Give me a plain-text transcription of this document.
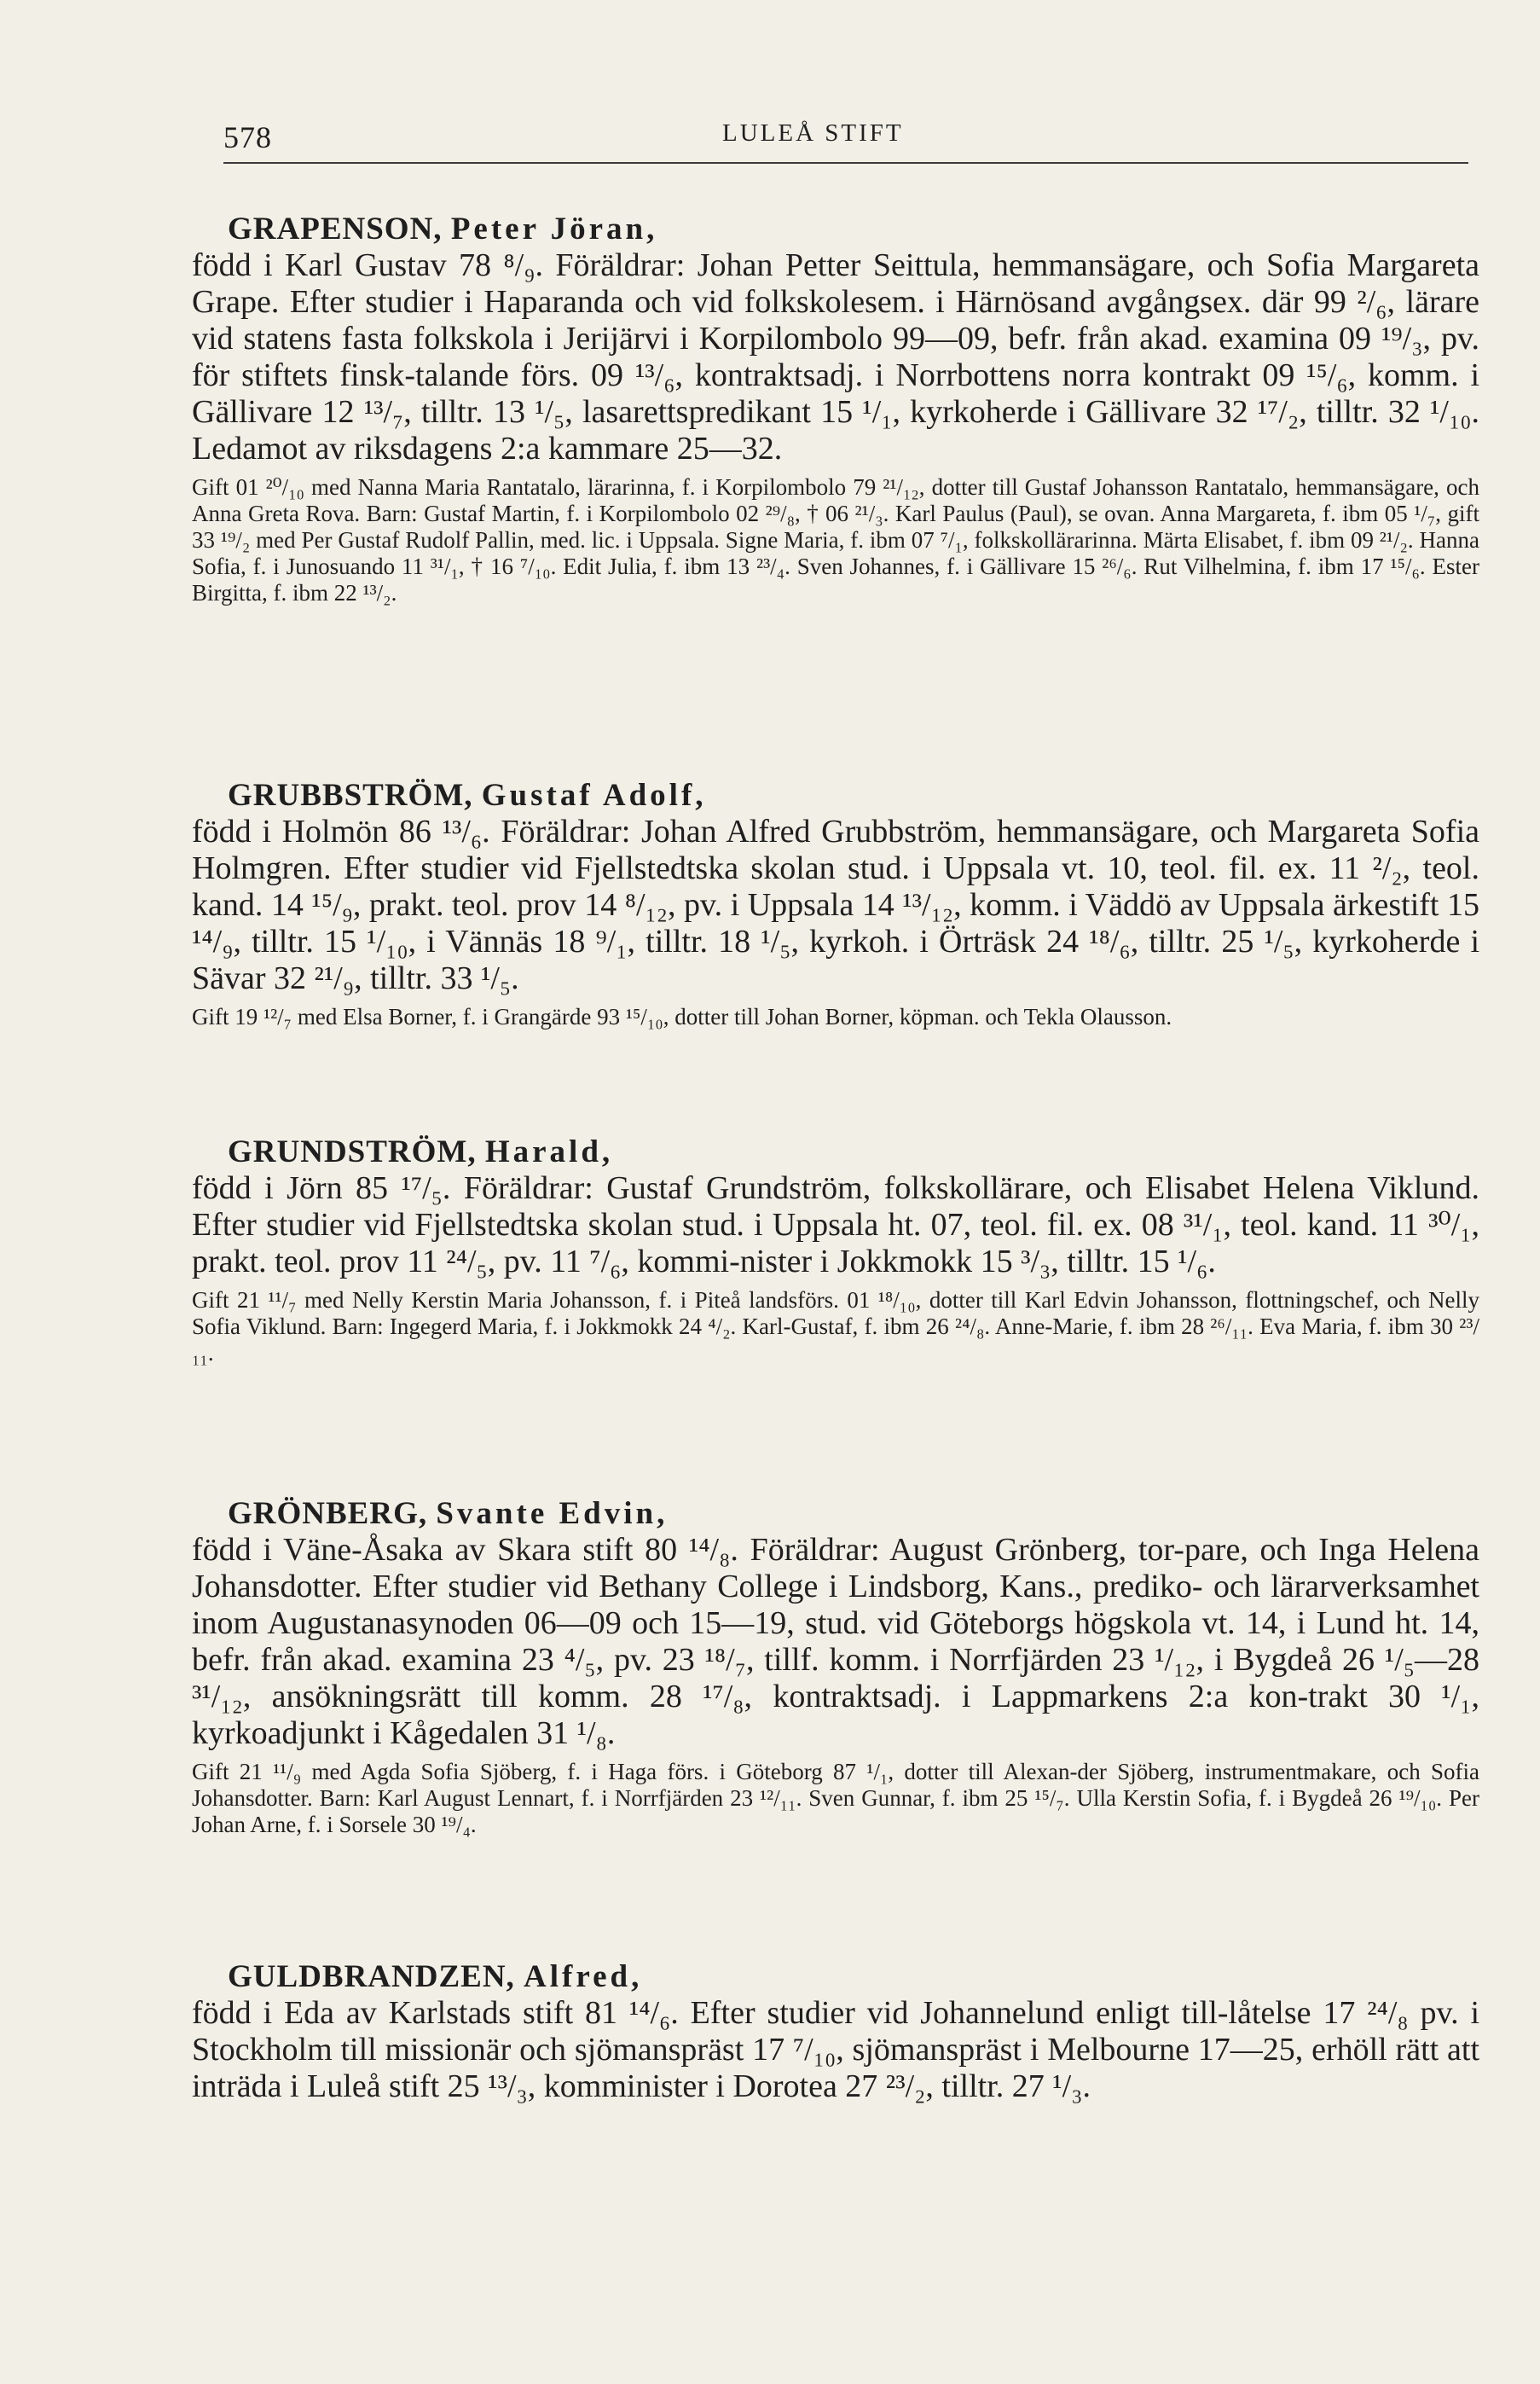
578	LULEÅ STIFT

GRAPENSON, Peter Jöran,

född i Karl Gustav 78 ⁸/₉. Föräldrar: Johan Petter Seittula, hemmansägare, och Sofia Margareta Grape. Efter studier i Haparanda och vid folkskolesem. i Härnösand avgångsex. där 99 ²/₆, lärare vid statens fasta folkskola i Jerijärvi i Korpilombolo 99—09, befr. från akad. examina 09 ¹⁹/₃, pv. för stiftets finsk-talande förs. 09 ¹³/₆, kontraktsadj. i Norrbottens norra kontrakt 09 ¹⁵/₆, komm. i Gällivare 12 ¹³/₇, tilltr. 13 ¹/₅, lasarettspredikant 15 ¹/₁, kyrkoherde i Gällivare 32 ¹⁷/₂, tilltr. 32 ¹/₁₀. Ledamot av riksdagens 2:a kammare 25—32.

Gift 01 ²⁰/₁₀ med Nanna Maria Rantatalo, lärarinna, f. i Korpilombolo 79 ²¹/₁₂, dotter till Gustaf Johansson Rantatalo, hemmansägare, och Anna Greta Rova. Barn: Gustaf Martin, f. i Korpilombolo 02 ²⁹/₈, † 06 ²¹/₃. Karl Paulus (Paul), se ovan. Anna Margareta, f. ibm 05 ¹/₇, gift 33 ¹⁹/₂ med Per Gustaf Rudolf Pallin, med. lic. i Uppsala. Signe Maria, f. ibm 07 ⁷/₁, folkskollärarinna. Märta Elisabet, f. ibm 09 ²¹/₂. Hanna Sofia, f. i Junosuando 11 ³¹/₁, † 16 ⁷/₁₀. Edit Julia, f. ibm 13 ²³/₄. Sven Johannes, f. i Gällivare 15 ²⁶/₆. Rut Vilhelmina, f. ibm 17 ¹⁵/₆. Ester Birgitta, f. ibm 22 ¹³/₂.

GRUBBSTRÖM, Gustaf Adolf,

född i Holmön 86 ¹³/₆. Föräldrar: Johan Alfred Grubbström, hemmansägare, och Margareta Sofia Holmgren. Efter studier vid Fjellstedtska skolan stud. i Uppsala vt. 10, teol. fil. ex. 11 ²/₂, teol. kand. 14 ¹⁵/₉, prakt. teol. prov 14 ⁸/₁₂, pv. i Uppsala 14 ¹³/₁₂, komm. i Väddö av Uppsala ärkestift 15 ¹⁴/₉, tilltr. 15 ¹/₁₀, i Vännäs 18 ⁹/₁, tilltr. 18 ¹/₅, kyrkoh. i Örträsk 24 ¹⁸/₆, tilltr. 25 ¹/₅, kyrkoherde i Sävar 32 ²¹/₉, tilltr. 33 ¹/₅.

Gift 19 ¹²/₇ med Elsa Borner, f. i Grangärde 93 ¹⁵/₁₀, dotter till Johan Borner, köpman. och Tekla Olausson.

GRUNDSTRÖM, Harald,

född i Jörn 85 ¹⁷/₅. Föräldrar: Gustaf Grundström, folkskollärare, och Elisabet Helena Viklund. Efter studier vid Fjellstedtska skolan stud. i Uppsala ht. 07, teol. fil. ex. 08 ³¹/₁, teol. kand. 11 ³⁰/₁, prakt. teol. prov 11 ²⁴/₅, pv. 11 ⁷/₆, kommi-nister i Jokkmokk 15 ³/₃, tilltr. 15 ¹/₆.

Gift 21 ¹¹/₇ med Nelly Kerstin Maria Johansson, f. i Piteå landsförs. 01 ¹⁸/₁₀, dotter till Karl Edvin Johansson, flottningschef, och Nelly Sofia Viklund. Barn: Ingegerd Maria, f. i Jokkmokk 24 ⁴/₂. Karl-Gustaf, f. ibm 26 ²⁴/₈. Anne-Marie, f. ibm 28 ²⁶/₁₁. Eva Maria, f. ibm 30 ²³/₁₁.

GRÖNBERG, Svante Edvin,

född i Väne-Åsaka av Skara stift 80 ¹⁴/₈. Föräldrar: August Grönberg, tor-pare, och Inga Helena Johansdotter. Efter studier vid Bethany College i Lindsborg, Kans., prediko- och lärarverksamhet inom Augustanasynoden 06—09 och 15—19, stud. vid Göteborgs högskola vt. 14, i Lund ht. 14, befr. från akad. examina 23 ⁴/₅, pv. 23 ¹⁸/₇, tillf. komm. i Norrfjärden 23 ¹/₁₂, i Bygdeå 26 ¹/₅—28 ³¹/₁₂, ansökningsrätt till komm. 28 ¹⁷/₈, kontraktsadj. i Lappmarkens 2:a kon-trakt 30 ¹/₁, kyrkoadjunkt i Kågedalen 31 ¹/₈.

Gift 21 ¹¹/₉ med Agda Sofia Sjöberg, f. i Haga förs. i Göteborg 87 ¹/₁, dotter till Alexan-der Sjöberg, instrumentmakare, och Sofia Johansdotter. Barn: Karl August Lennart, f. i Norrfjärden 23 ¹²/₁₁. Sven Gunnar, f. ibm 25 ¹⁵/₇. Ulla Kerstin Sofia, f. i Bygdeå 26 ¹⁹/₁₀. Per Johan Arne, f. i Sorsele 30 ¹⁹/₄.

GULDBRANDZEN, Alfred,

född i Eda av Karlstads stift 81 ¹⁴/₆. Efter studier vid Johannelund enligt till-låtelse 17 ²⁴/₈ pv. i Stockholm till missionär och sjömanspräst 17 ⁷/₁₀, sjömanspräst i Melbourne 17—25, erhöll rätt att inträda i Luleå stift 25 ¹³/₃, komminister i Dorotea 27 ²³/₂, tilltr. 27 ¹/₃.
